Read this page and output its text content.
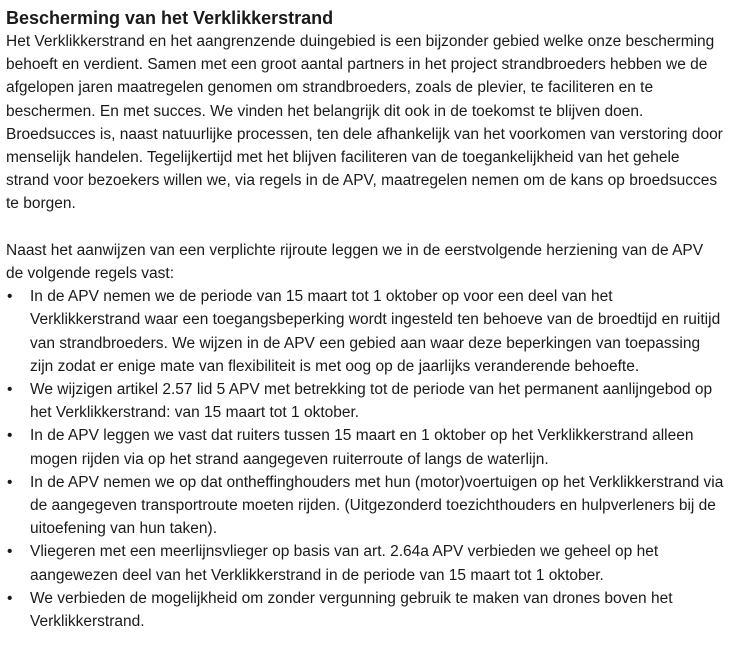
Bescherming van het Verklikkerstrand

Het Verklikkerstrand en het aangrenzende duingebied is een bijzonder gebied welke onze bescherming behoeft en verdient. Samen met een groot aantal partners in het project strandbroeders hebben we de afgelopen jaren maatregelen genomen om strandbroeders, zoals de plevier, te faciliteren en te beschermen. En met succes. We vinden het belangrijk dit ook in de toekomst te blijven doen. Broedsucces is, naast natuurlijke processen, ten dele afhankelijk van het voorkomen van verstoring door menselijk handelen. Tegelijkertijd met het blijven faciliteren van de toegankelijkheid van het gehele strand voor bezoekers willen we, via regels in de APV, maatregelen nemen om de kans op broedsucces te borgen.

Naast het aanwijzen van een verplichte rijroute leggen we in de eerstvolgende herziening van de APV de volgende regels vast:

• In de APV nemen we de periode van 15 maart tot 1 oktober op voor een deel van het Verklikkerstrand waar een toegangsbeperking wordt ingesteld ten behoeve van de broedtijd en ruitijd van strandbroeders. We wijzen in de APV een gebied aan waar deze beperkingen van toepassing zijn zodat er enige mate van flexibiliteit is met oog op de jaarlijks veranderende behoefte.
• We wijzigen artikel 2.57 lid 5 APV met betrekking tot de periode van het permanent aanlijngebod op het Verklikkerstrand: van 15 maart tot 1 oktober.
• In de APV leggen we vast dat ruiters tussen 15 maart en 1 oktober op het Verklikkerstrand alleen mogen rijden via op het strand aangegeven ruiterroute of langs de waterlijn.
• In de APV nemen we op dat ontheffinghouders met hun (motor)voertuigen op het Verklikkerstrand via de aangegeven transportroute moeten rijden. (Uitgezonderd toezichthouders en hulpverleners bij de uitoefening van hun taken).
• Vliegeren met een meerlijnsvlieger op basis van art. 2.64a APV verbieden we geheel op het aangewezen deel van het Verklikkerstrand in de periode van 15 maart tot 1 oktober.
• We verbieden de mogelijkheid om zonder vergunning gebruik te maken van drones boven het Verklikkerstrand.
